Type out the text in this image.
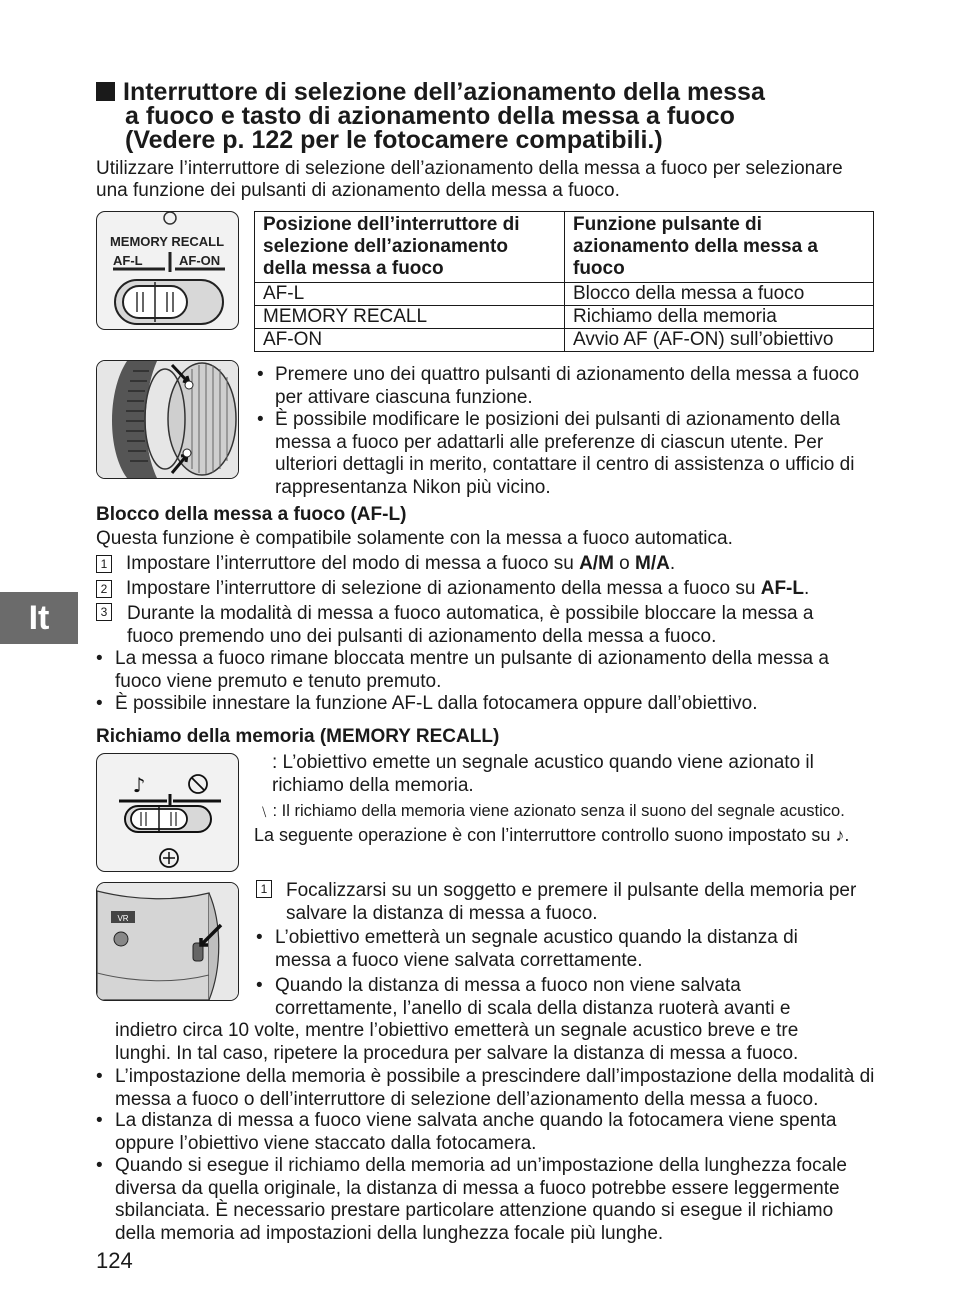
Interruttore di selezione dell’azionamento della messa
a fuoco e tasto di azionamento della messa a fuoco
(Vedere p. 122 per le fotocamere compatibili.)
Utilizzare l’interruttore di selezione dell’azionamento della messa a fuoco per selezionare
una funzione dei pulsanti di azionamento della messa a fuoco.
MEMORY RECALL
AF-L	AF-ON
Posizione dell’interruttore di selezione dell’azionamento della messa a fuoco	Funzione pulsante di azionamento della messa a fuoco
AF-L	Blocco della messa a fuoco
MEMORY RECALL	Richiamo della memoria
AF-ON	Avvio AF (AF-ON) sull’obiettivo
• Premere uno dei quattro pulsanti di azionamento della messa a fuoco per attivare ciascuna funzione.
• È possibile modificare le posizioni dei pulsanti di azionamento della messa a fuoco per adattarli alle preferenze di ciascun utente. Per ulteriori dettagli in merito, contattare il centro di assistenza o ufficio di rappresentanza Nikon più vicino.
Blocco della messa a fuoco (AF-L)
Questa funzione è compatibile solamente con la messa a fuoco automatica.
1 Impostare l’interruttore del modo di messa a fuoco su A/M o M/A.
2 Impostare l’interruttore di selezione di azionamento della messa a fuoco su AF-L.
3	Durante la modalità di messa a fuoco automatica, è possibile bloccare la messa a fuoco premendo uno dei pulsanti di azionamento della messa a fuoco.
• La messa a fuoco rimane bloccata mentre un pulsante di azionamento della messa a fuoco viene premuto e tenuto premuto.
• È possibile innestare la funzione AF-L dalla fotocamera oppure dall’obiettivo.
Richiamo della memoria (MEMORY RECALL)
♪
: L’obiettivo emette un segnale acustico quando viene azionato il richiamo della memoria.
﹨: Il richiamo della memoria viene azionato senza il suono del segnale acustico.
La seguente operazione è con l’interruttore controllo suono impostato su ♪.
VR
1 Focalizzarsi su un soggetto e premere il pulsante della memoria per salvare la distanza di messa a fuoco.
• L’obiettivo emetterà un segnale acustico quando la distanza di messa a fuoco viene salvata correttamente.
• Quando la distanza di messa a fuoco non viene salvata
correttamente, l’anello di scala della distanza ruoterà avanti e
indietro circa 10 volte, mentre l’obiettivo emetterà un segnale acustico breve e tre
lunghi. In tal caso, ripetere la procedura per salvare la distanza di messa a fuoco.
• L’impostazione della memoria è possibile a prescindere dall’impostazione della modalità di messa a fuoco o dell’interruttore di selezione dell’azionamento della messa a fuoco.
• La distanza di messa a fuoco viene salvata anche quando la fotocamera viene spenta oppure l’obiettivo viene staccato dalla fotocamera.
• Quando si esegue il richiamo della memoria ad un’impostazione della lunghezza focale diversa da quella originale, la distanza di messa a fuoco potrebbe essere leggermente sbilanciata. È necessario prestare particolare attenzione quando si esegue il richiamo della memoria ad impostazioni della lunghezza focale più lunghe.
It
124
